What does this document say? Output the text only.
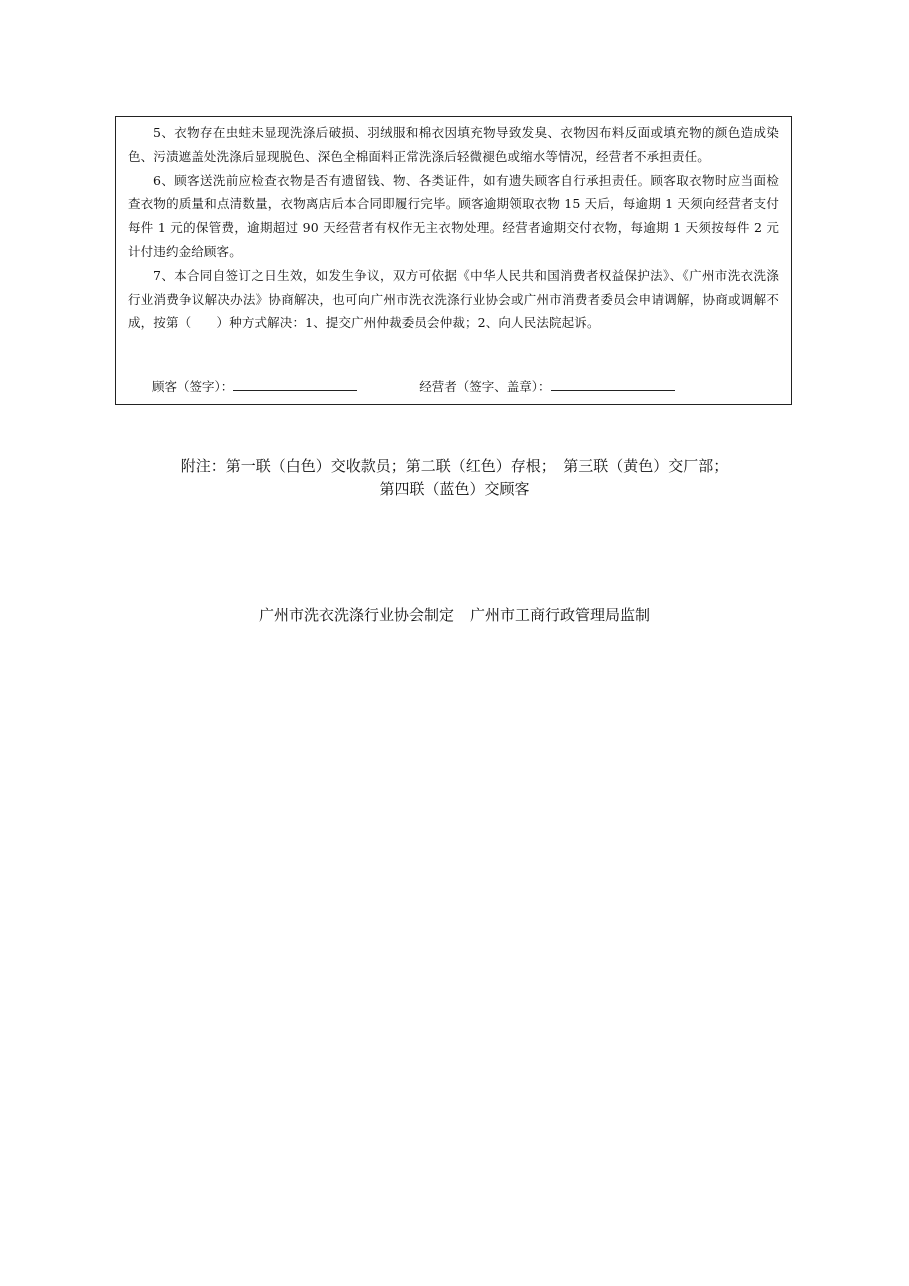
5、衣物存在虫蛀未显现洗涤后破损、羽绒服和棉衣因填充物导致发臭、衣物因布料反面或填充物的颜色造成染色、污渍遮盖处洗涤后显现脱色、深色全棉面料正常洗涤后轻微褪色或缩水等情况，经营者不承担责任。

6、顾客送洗前应检查衣物是否有遗留钱、物、各类证件，如有遗失顾客自行承担责任。顾客取衣物时应当面检查衣物的质量和点清数量，衣物离店后本合同即履行完毕。顾客逾期领取衣物 15 天后，每逾期 1 天须向经营者支付每件 1 元的保管费，逾期超过 90 天经营者有权作无主衣物处理。经营者逾期交付衣物，每逾期 1 天须按每件 2 元计付违约金给顾客。

7、本合同自签订之日生效，如发生争议，双方可依据《中华人民共和国消费者权益保护法》、《广州市洗衣洗涤行业消费争议解决办法》协商解决，也可向广州市洗衣洗涤行业协会或广州市消费者委员会申请调解，协商或调解不成，按第（　　）种方式解决：1、提交广州仲裁委员会仲裁；2、向人民法院起诉。

顾客（签字）：	经营者（签字、盖章）：
附注：第一联（白色）交收款员；第二联（红色）存根；　第三联（黄色）交厂部；
第四联（蓝色）交顾客
广州市洗衣洗涤行业协会制定 广州市工商行政管理局监制
